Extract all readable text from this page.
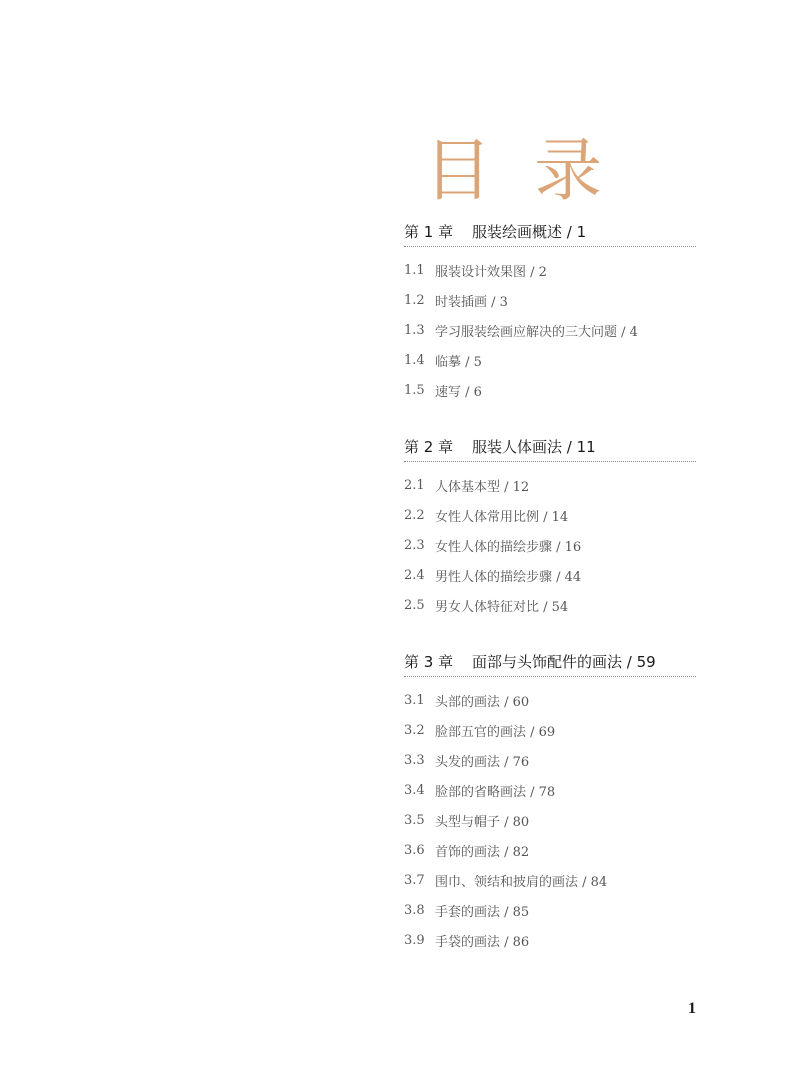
目录
第 1 章	服装绘画概述 / 1
1.1 服装设计效果图 / 2
1.2 时装插画 / 3
1.3 学习服装绘画应解决的三大问题 / 4
1.4 临摹 / 5
1.5 速写 / 6
第 2 章	服装人体画法 / 11
2.1 人体基本型 / 12
2.2 女性人体常用比例 / 14
2.3 女性人体的描绘步骤 / 16
2.4 男性人体的描绘步骤 / 44
2.5 男女人体特征对比 / 54
第 3 章	面部与头饰配件的画法 / 59
3.1 头部的画法 / 60
3.2 脸部五官的画法 / 69
3.3 头发的画法 / 76
3.4 脸部的省略画法 / 78
3.5 头型与帽子 / 80
3.6 首饰的画法 / 82
3.7 围巾、领结和披肩的画法 / 84
3.8 手套的画法 / 85
3.9 手袋的画法 / 86
1
